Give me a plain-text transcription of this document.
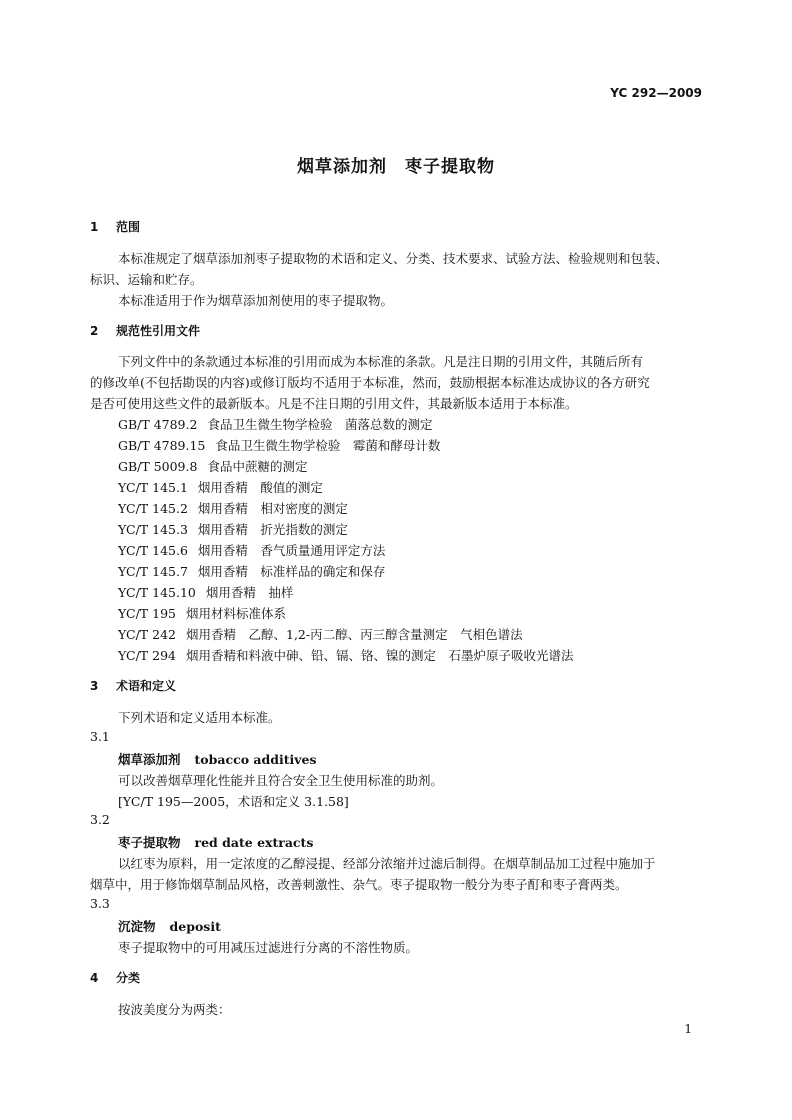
YC 292—2009
烟草添加剂　枣子提取物
1 范围
本标准规定了烟草添加剂枣子提取物的术语和定义、分类、技术要求、试验方法、检验规则和包装、
标识、运输和贮存。
本标准适用于作为烟草添加剂使用的枣子提取物。
2 规范性引用文件
下列文件中的条款通过本标准的引用而成为本标准的条款。凡是注日期的引用文件，其随后所有
的修改单(不包括勘误的内容)或修订版均不适用于本标准，然而，鼓励根据本标准达成协议的各方研究
是否可使用这些文件的最新版本。凡是不注日期的引用文件，其最新版本适用于本标准。
GB/T 4789.2 食品卫生微生物学检验　菌落总数的测定
GB/T 4789.15 食品卫生微生物学检验　霉菌和酵母计数
GB/T 5009.8 食品中蔗糖的测定
YC/T 145.1 烟用香精　酸值的测定
YC/T 145.2 烟用香精　相对密度的测定
YC/T 145.3 烟用香精　折光指数的测定
YC/T 145.6 烟用香精　香气质量通用评定方法
YC/T 145.7 烟用香精　标准样品的确定和保存
YC/T 145.10 烟用香精　抽样
YC/T 195 烟用材料标准体系
YC/T 242 烟用香精　乙醇、1,2-丙二醇、丙三醇含量测定　气相色谱法
YC/T 294 烟用香精和料液中砷、铅、镉、铬、镍的测定　石墨炉原子吸收光谱法
3 术语和定义
下列术语和定义适用本标准。
3.1
烟草添加剂 tobacco additives
可以改善烟草理化性能并且符合安全卫生使用标准的助剂。
[YC/T 195—2005，术语和定义 3.1.58]
3.2
枣子提取物 red date extracts
以红枣为原料，用一定浓度的乙醇浸提、经部分浓缩并过滤后制得。在烟草制品加工过程中施加于
烟草中，用于修饰烟草制品风格，改善刺激性、杂气。枣子提取物一般分为枣子酊和枣子膏两类。
3.3
沉淀物 deposit
枣子提取物中的可用减压过滤进行分离的不溶性物质。
4 分类
按波美度分为两类：
1
